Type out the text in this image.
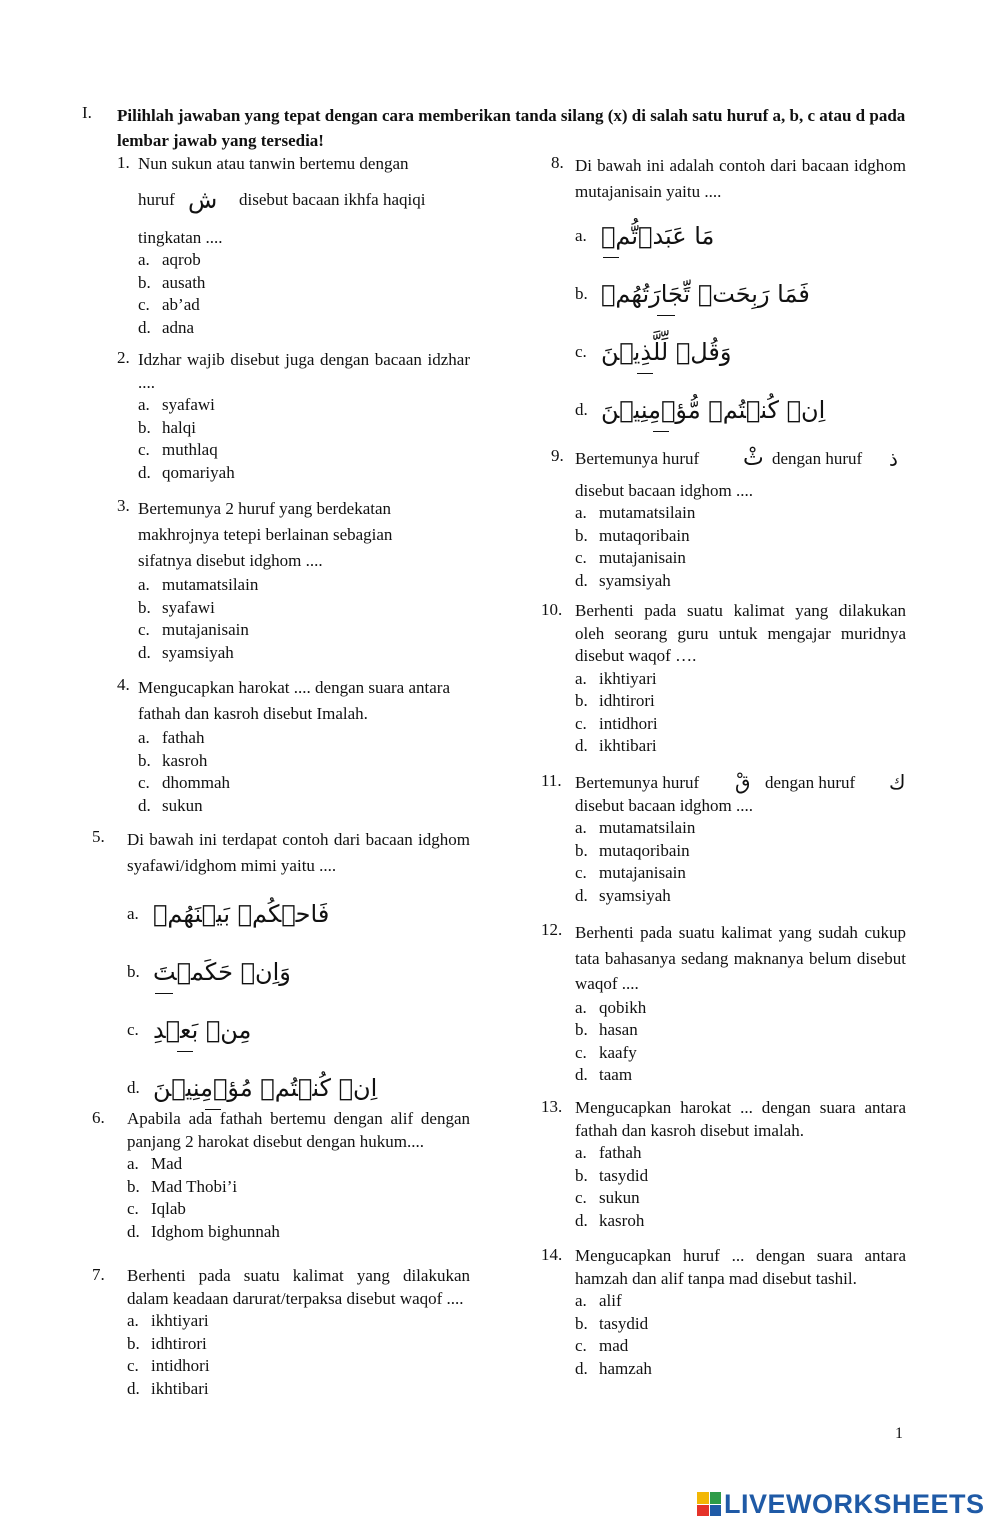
I. Pilihlah jawaban yang tepat dengan cara memberikan tanda silang (x) di salah satu huruf a, b, c atau d pada lembar jawab yang tersedia!
1. Nun sukun atau tanwin bertemu dengan
huruf ش disebut bacaan ikhfa haqiqi
tingkatan ....
a. aqrob
b. ausath
c. ab’ad
d. adna
2. Idzhar wajib disebut juga dengan bacaan idzhar ....
a. syafawi
b. halqi
c. muthlaq
d. qomariyah
3. Bertemunya 2 huruf yang berdekatan makhrojnya tetepi berlainan sebagian sifatnya disebut idghom ....
a. mutamatsilain
b. syafawi
c. mutajanisain
d. syamsiyah
4. Mengucapkan harokat .... dengan suara antara fathah dan kasroh disebut Imalah.
a. fathah
b. kasroh
c. dhommah
d. sukun
5. Di bawah ini terdapat contoh dari bacaan idghom syafawi/idghom mimi yaitu ....
a. فَاحۡكُمۡ بَيۡنَهُمۡ
b. وَاِنۡ حَكَمۡتَ
c. مِنۡ بَعۡدِ
d. اِنۡ كُنۡتُمۡ مُؤۡمِنِيۡنَ
6. Apabila ada fathah bertemu dengan alif dengan panjang 2 harokat disebut dengan hukum....
a. Mad
b. Mad Thobi’i
c. Iqlab
d. Idghom bighunnah
7. Berhenti pada suatu kalimat yang dilakukan dalam keadaan darurat/terpaksa disebut waqof ....
a. ikhtiyari
b. idhtirori
c. intidhori
d. ikhtibari
8. Di bawah ini adalah contoh dari bacaan idghom mutajanisain yaitu ....
a. مَا عَبَدۡتُّمۡ
b. فَمَا رَبِحَتۡ تِّجَارَتُهُمۡ
c. وَقُلۡ لِّلَّذِيۡنَ
d. اِنۡ كُنۡتُمۡ مُّؤۡمِنِيۡنَ
9. Bertemunya huruf ثْ dengan huruf ذ
disebut bacaan idghom ....
a. mutamatsilain
b. mutaqoribain
c. mutajanisain
d. syamsiyah
10. Berhenti pada suatu kalimat yang dilakukan oleh seorang guru untuk mengajar muridnya disebut waqof ….
a. ikhtiyari
b. idhtirori
c. intidhori
d. ikhtibari
11. Bertemunya huruf قْ dengan huruf ك
disebut bacaan idghom ....
a. mutamatsilain
b. mutaqoribain
c. mutajanisain
d. syamsiyah
12. Berhenti pada suatu kalimat yang sudah cukup tata bahasanya sedang maknanya belum disebut waqof ....
a. qobikh
b. hasan
c. kaafy
d. taam
13. Mengucapkan harokat ... dengan suara antara fathah dan kasroh disebut imalah.
a. fathah
b. tasydid
c. sukun
d. kasroh
14. Mengucapkan huruf ... dengan suara antara hamzah dan alif tanpa mad disebut tashil.
a. alif
b. tasydid
c. mad
d. hamzah
1
LIVEWORKSHEETS
